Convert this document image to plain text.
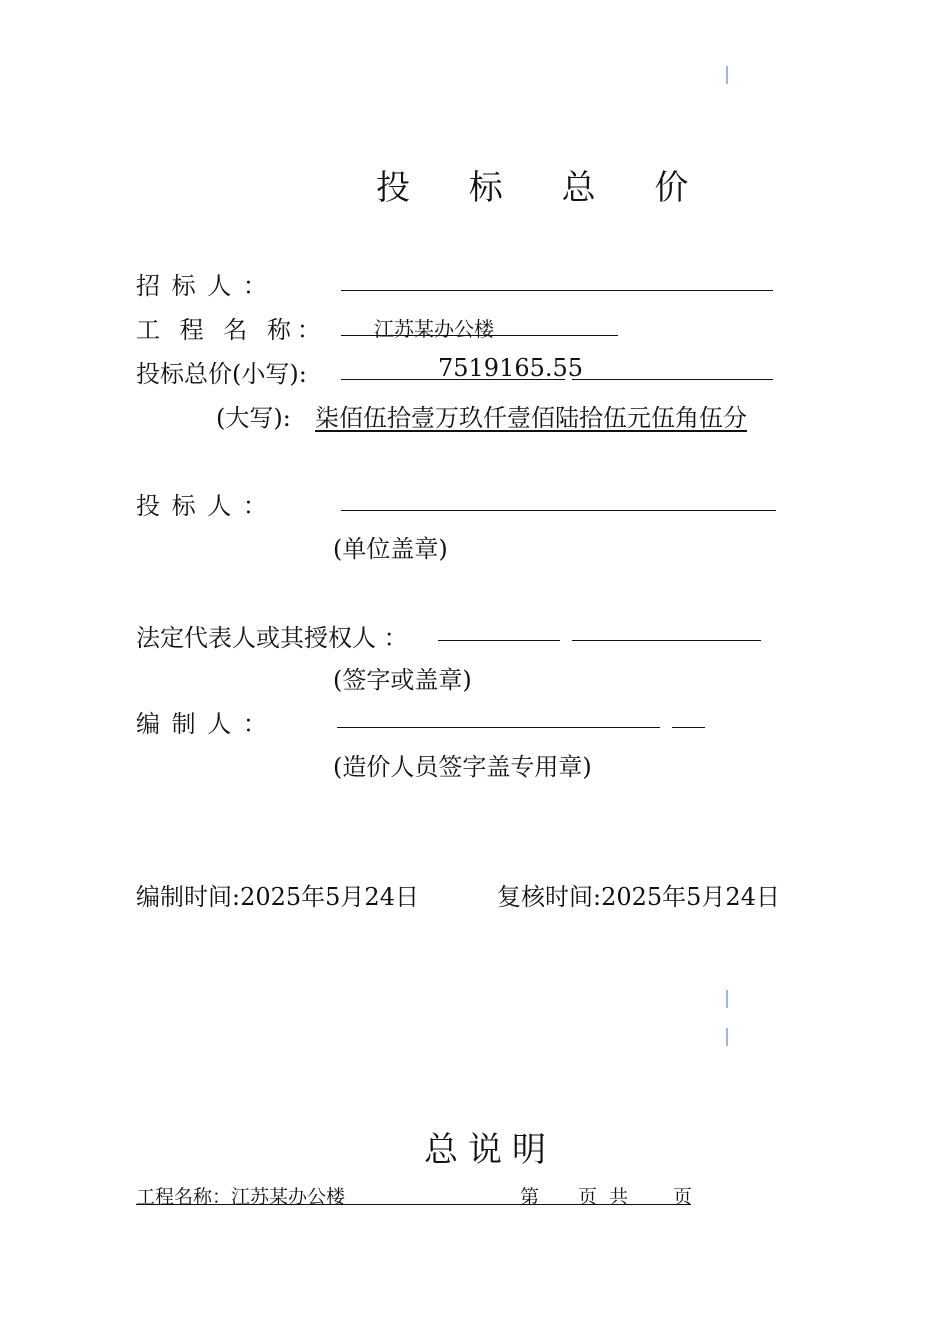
投 标 总 价
招 标 人 ：
工 程 名 称： 江苏某办公楼
投标总价(小写):	7519165.55
(大写): 柒佰伍拾壹万玖仟壹佰陆拾伍元伍角伍分
投 标 人 ：
(单位盖章)
法定代表人或其授权人 ：
(签字或盖章)
编 制 人 ：
(造价人员签字盖专用章)
编制时间:2025年5月24日	复核时间:2025年5月24日
总说明
工程名称：江苏某办公楼	第 页  共 页
